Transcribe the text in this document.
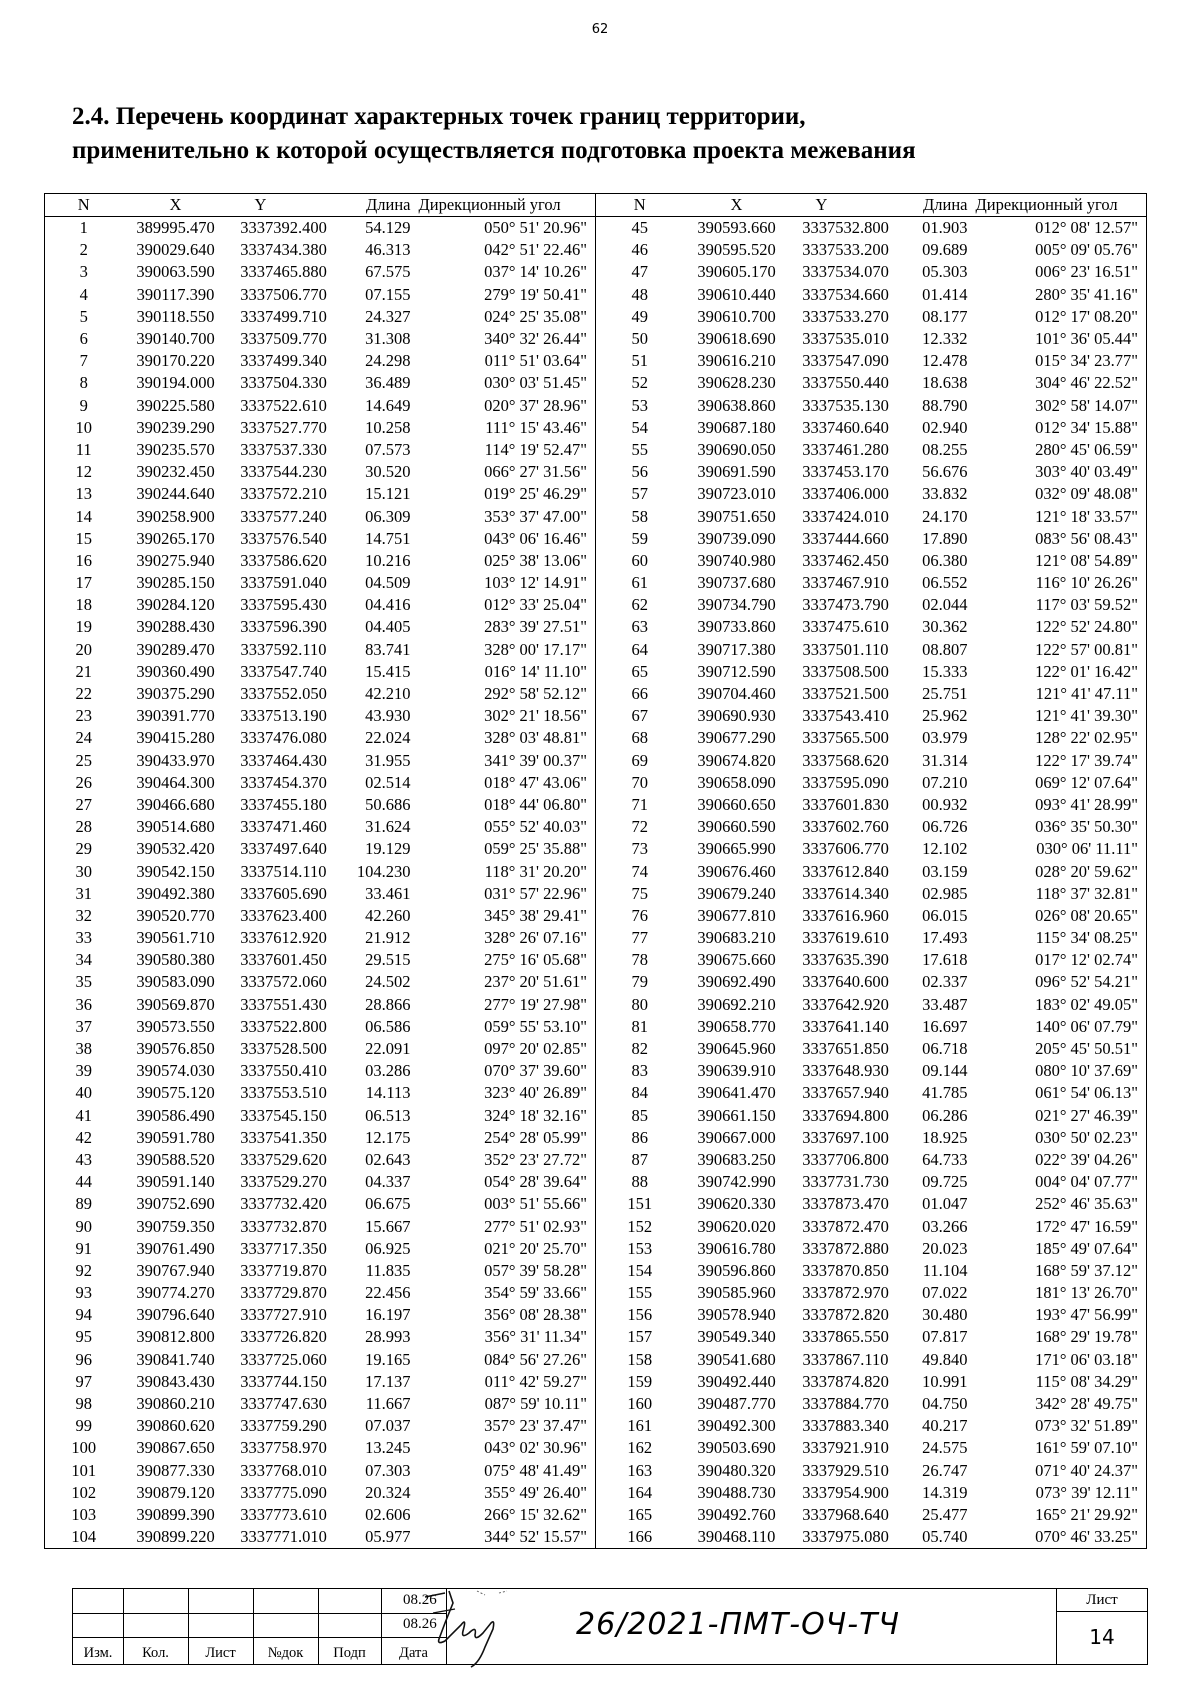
62
2.4. Перечень координат характерных точек границ территории,
применительно к которой осуществляется подготовка проекта межевания
N	X	Y	Длина	Дирекционный угол	N	X	Y	Длина	Дирекционный угол
1	389995.470	3337392.400	54.129	050° 51' 20.96"	45	390593.660	3337532.800	01.903	012° 08' 12.57"
2	390029.640	3337434.380	46.313	042° 51' 22.46"	46	390595.520	3337533.200	09.689	005° 09' 05.76"
3	390063.590	3337465.880	67.575	037° 14' 10.26"	47	390605.170	3337534.070	05.303	006° 23' 16.51"
4	390117.390	3337506.770	07.155	279° 19' 50.41"	48	390610.440	3337534.660	01.414	280° 35' 41.16"
5	390118.550	3337499.710	24.327	024° 25' 35.08"	49	390610.700	3337533.270	08.177	012° 17' 08.20"
6	390140.700	3337509.770	31.308	340° 32' 26.44"	50	390618.690	3337535.010	12.332	101° 36' 05.44"
7	390170.220	3337499.340	24.298	011° 51' 03.64"	51	390616.210	3337547.090	12.478	015° 34' 23.77"
8	390194.000	3337504.330	36.489	030° 03' 51.45"	52	390628.230	3337550.440	18.638	304° 46' 22.52"
9	390225.580	3337522.610	14.649	020° 37' 28.96"	53	390638.860	3337535.130	88.790	302° 58' 14.07"
10	390239.290	3337527.770	10.258	111° 15' 43.46"	54	390687.180	3337460.640	02.940	012° 34' 15.88"
11	390235.570	3337537.330	07.573	114° 19' 52.47"	55	390690.050	3337461.280	08.255	280° 45' 06.59"
12	390232.450	3337544.230	30.520	066° 27' 31.56"	56	390691.590	3337453.170	56.676	303° 40' 03.49"
13	390244.640	3337572.210	15.121	019° 25' 46.29"	57	390723.010	3337406.000	33.832	032° 09' 48.08"
14	390258.900	3337577.240	06.309	353° 37' 47.00"	58	390751.650	3337424.010	24.170	121° 18' 33.57"
15	390265.170	3337576.540	14.751	043° 06' 16.46"	59	390739.090	3337444.660	17.890	083° 56' 08.43"
16	390275.940	3337586.620	10.216	025° 38' 13.06"	60	390740.980	3337462.450	06.380	121° 08' 54.89"
17	390285.150	3337591.040	04.509	103° 12' 14.91"	61	390737.680	3337467.910	06.552	116° 10' 26.26"
18	390284.120	3337595.430	04.416	012° 33' 25.04"	62	390734.790	3337473.790	02.044	117° 03' 59.52"
19	390288.430	3337596.390	04.405	283° 39' 27.51"	63	390733.860	3337475.610	30.362	122° 52' 24.80"
20	390289.470	3337592.110	83.741	328° 00' 17.17"	64	390717.380	3337501.110	08.807	122° 57' 00.81"
21	390360.490	3337547.740	15.415	016° 14' 11.10"	65	390712.590	3337508.500	15.333	122° 01' 16.42"
22	390375.290	3337552.050	42.210	292° 58' 52.12"	66	390704.460	3337521.500	25.751	121° 41' 47.11"
23	390391.770	3337513.190	43.930	302° 21' 18.56"	67	390690.930	3337543.410	25.962	121° 41' 39.30"
24	390415.280	3337476.080	22.024	328° 03' 48.81"	68	390677.290	3337565.500	03.979	128° 22' 02.95"
25	390433.970	3337464.430	31.955	341° 39' 00.37"	69	390674.820	3337568.620	31.314	122° 17' 39.74"
26	390464.300	3337454.370	02.514	018° 47' 43.06"	70	390658.090	3337595.090	07.210	069° 12' 07.64"
27	390466.680	3337455.180	50.686	018° 44' 06.80"	71	390660.650	3337601.830	00.932	093° 41' 28.99"
28	390514.680	3337471.460	31.624	055° 52' 40.03"	72	390660.590	3337602.760	06.726	036° 35' 50.30"
29	390532.420	3337497.640	19.129	059° 25' 35.88"	73	390665.990	3337606.770	12.102	030° 06' 11.11"
30	390542.150	3337514.110	104.230	118° 31' 20.20"	74	390676.460	3337612.840	03.159	028° 20' 59.62"
31	390492.380	3337605.690	33.461	031° 57' 22.96"	75	390679.240	3337614.340	02.985	118° 37' 32.81"
32	390520.770	3337623.400	42.260	345° 38' 29.41"	76	390677.810	3337616.960	06.015	026° 08' 20.65"
33	390561.710	3337612.920	21.912	328° 26' 07.16"	77	390683.210	3337619.610	17.493	115° 34' 08.25"
34	390580.380	3337601.450	29.515	275° 16' 05.68"	78	390675.660	3337635.390	17.618	017° 12' 02.74"
35	390583.090	3337572.060	24.502	237° 20' 51.61"	79	390692.490	3337640.600	02.337	096° 52' 54.21"
36	390569.870	3337551.430	28.866	277° 19' 27.98"	80	390692.210	3337642.920	33.487	183° 02' 49.05"
37	390573.550	3337522.800	06.586	059° 55' 53.10"	81	390658.770	3337641.140	16.697	140° 06' 07.79"
38	390576.850	3337528.500	22.091	097° 20' 02.85"	82	390645.960	3337651.850	06.718	205° 45' 50.51"
39	390574.030	3337550.410	03.286	070° 37' 39.60"	83	390639.910	3337648.930	09.144	080° 10' 37.69"
40	390575.120	3337553.510	14.113	323° 40' 26.89"	84	390641.470	3337657.940	41.785	061° 54' 06.13"
41	390586.490	3337545.150	06.513	324° 18' 32.16"	85	390661.150	3337694.800	06.286	021° 27' 46.39"
42	390591.780	3337541.350	12.175	254° 28' 05.99"	86	390667.000	3337697.100	18.925	030° 50' 02.23"
43	390588.520	3337529.620	02.643	352° 23' 27.72"	87	390683.250	3337706.800	64.733	022° 39' 04.26"
44	390591.140	3337529.270	04.337	054° 28' 39.64"	88	390742.990	3337731.730	09.725	004° 04' 07.77"
89	390752.690	3337732.420	06.675	003° 51' 55.66"	151	390620.330	3337873.470	01.047	252° 46' 35.63"
90	390759.350	3337732.870	15.667	277° 51' 02.93"	152	390620.020	3337872.470	03.266	172° 47' 16.59"
91	390761.490	3337717.350	06.925	021° 20' 25.70"	153	390616.780	3337872.880	20.023	185° 49' 07.64"
92	390767.940	3337719.870	11.835	057° 39' 58.28"	154	390596.860	3337870.850	11.104	168° 59' 37.12"
93	390774.270	3337729.870	22.456	354° 59' 33.66"	155	390585.960	3337872.970	07.022	181° 13' 26.70"
94	390796.640	3337727.910	16.197	356° 08' 28.38"	156	390578.940	3337872.820	30.480	193° 47' 56.99"
95	390812.800	3337726.820	28.993	356° 31' 11.34"	157	390549.340	3337865.550	07.817	168° 29' 19.78"
96	390841.740	3337725.060	19.165	084° 56' 27.26"	158	390541.680	3337867.110	49.840	171° 06' 03.18"
97	390843.430	3337744.150	17.137	011° 42' 59.27"	159	390492.440	3337874.820	10.991	115° 08' 34.29"
98	390860.210	3337747.630	11.667	087° 59' 10.11"	160	390487.770	3337884.770	04.750	342° 28' 49.75"
99	390860.620	3337759.290	07.037	357° 23' 37.47"	161	390492.300	3337883.340	40.217	073° 32' 51.89"
100	390867.650	3337758.970	13.245	043° 02' 30.96"	162	390503.690	3337921.910	24.575	161° 59' 07.10"
101	390877.330	3337768.010	07.303	075° 48' 41.49"	163	390480.320	3337929.510	26.747	071° 40' 24.37"
102	390879.120	3337775.090	20.324	355° 49' 26.40"	164	390488.730	3337954.900	14.319	073° 39' 12.11"
103	390899.390	3337773.610	02.606	266° 15' 32.62"	165	390492.760	3337968.640	25.477	165° 21' 29.92"
104	390899.220	3337771.010	05.977	344° 52' 15.57"	166	390468.110	3337975.080	05.740	070° 46' 33.25"
08.26
08.26
Изм.	Кол.	Лист	№док	Подп	Дата
26/2021-ПМТ-ОЧ-ТЧ
Лист
14
